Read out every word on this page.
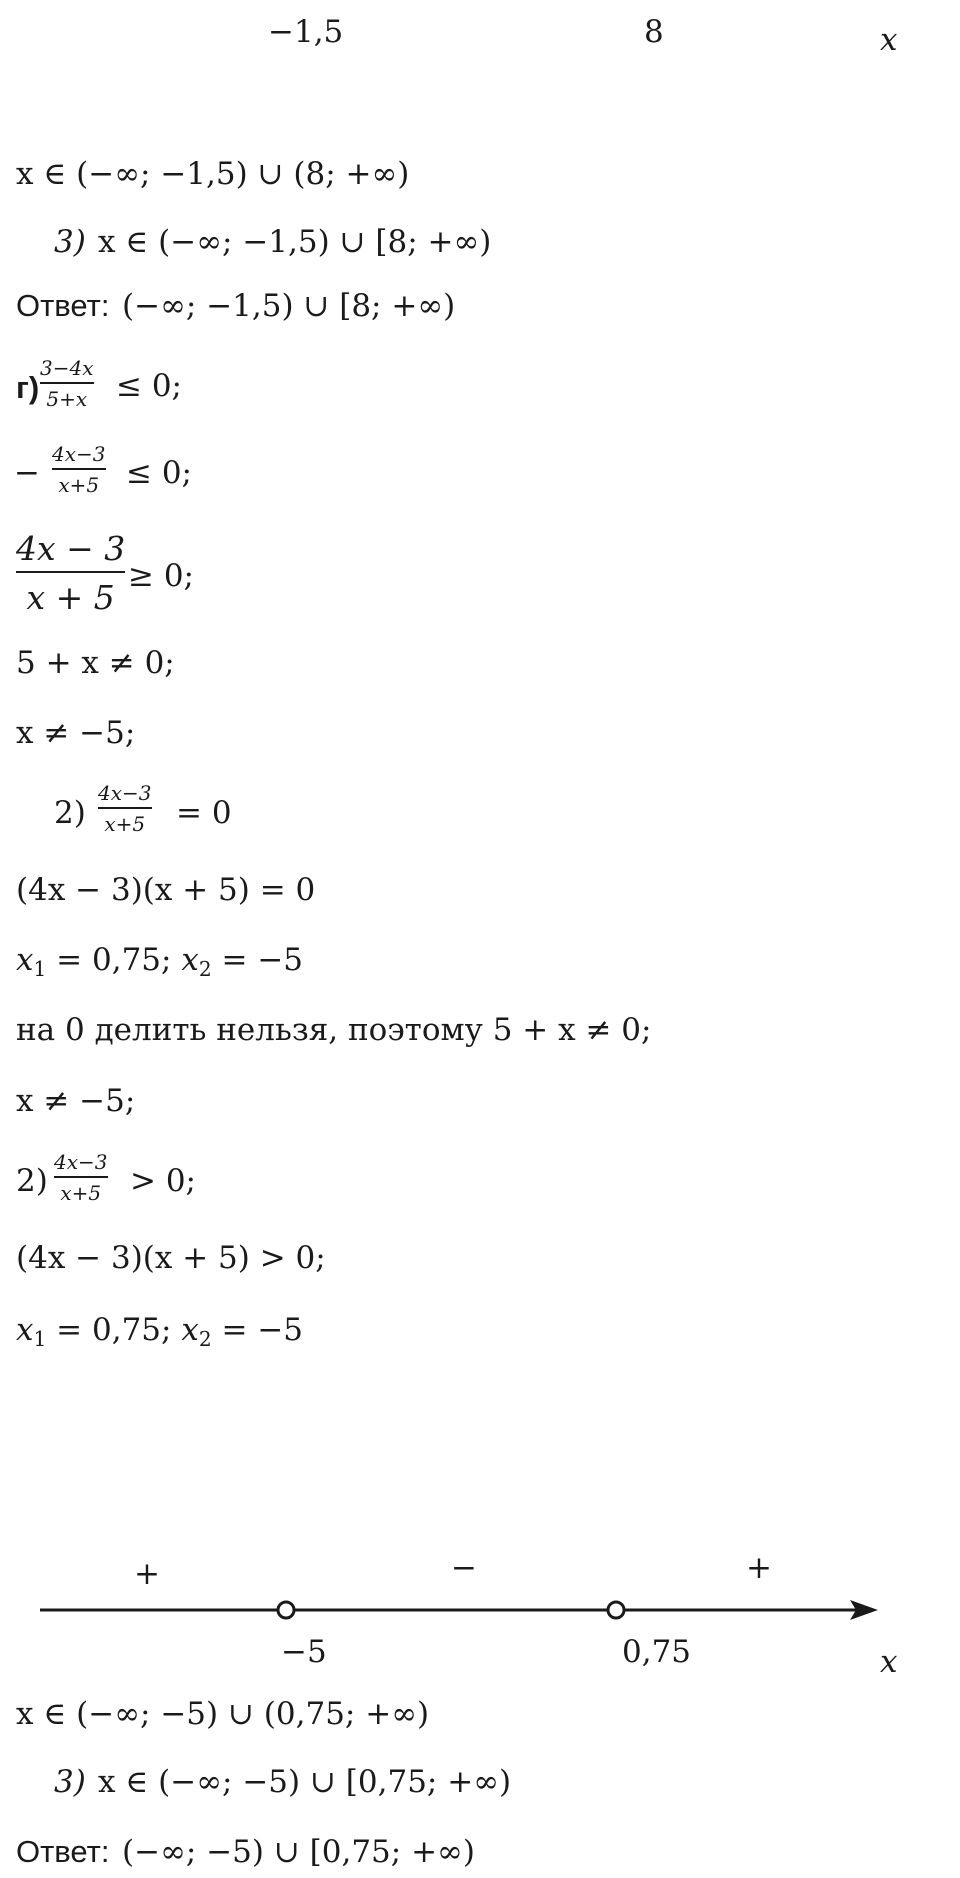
−1,5	8	x
x ∈ (−∞; −1,5) ∪ (8; +∞)
3) x ∈ (−∞; −1,5) ∪ [8; +∞)
Ответ: (−∞; −1,5) ∪ [8; +∞)
г)
3−4x
5+x ≤ 0;
−
4x−3
x+5 ≤ 0;
4x − 3
x + 5
≥ 0;
5 + x ≠ 0;
x ≠ −5;
2)
4x−3
x+5 = 0
(4x − 3)(x + 5) = 0
$x_1 = 0,75$; $x_2 = -5$
на 0 делить нельзя, поэтому 5 + x ≠ 0;
x ≠ −5;
2)
4x−3
x+5 > 0;
(4x − 3)(x + 5) > 0;
$x_1 = 0,75$; $x_2 = -5$
+	−	+
−5	0,75	x
x ∈ (−∞; −5) ∪ (0,75; +∞)
3) x ∈ (−∞; −5) ∪ [0,75; +∞)
Ответ: (−∞; −5) ∪ [0,75; +∞)
